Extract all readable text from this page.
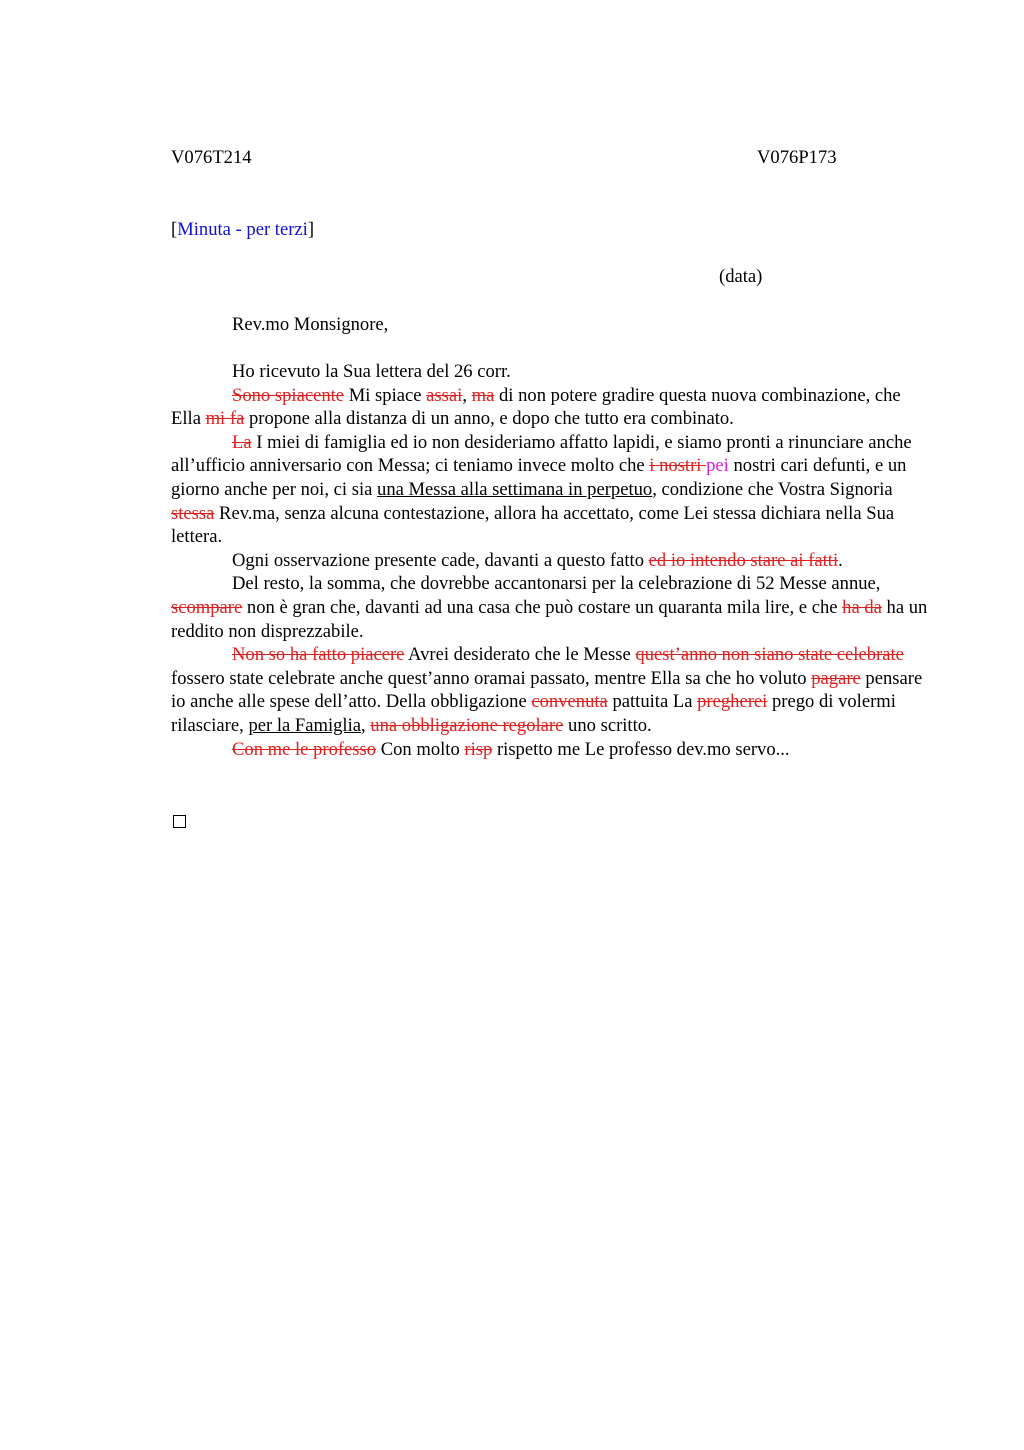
V076T214	V076P173
[Minuta - per terzi]
(data)
Rev.mo Monsignore,

Ho ricevuto la Sua lettera del 26 corr.

Sono spiacente Mi spiace assai, ma di non potere gradire questa nuova combinazione, che Ella mi fa propone alla distanza di un anno, e dopo che tutto era combinato.

La I miei di famiglia ed io non desideriamo affatto lapidi, e siamo pronti a rinunciare anche all’ufficio anniversario con Messa; ci teniamo invece molto che i nostri pei nostri cari defunti, e un giorno anche per noi, ci sia una Messa alla settimana in perpetuo, condizione che Vostra Signoria stessa Rev.ma, senza alcuna contestazione, allora ha accettato, come Lei stessa dichiara nella Sua lettera.

Ogni osservazione presente cade, davanti a questo fatto ed io intendo stare ai fatti.

Del resto, la somma, che dovrebbe accantonarsi per la celebrazione di 52 Messe annue, scompare non è gran che, davanti ad una casa che può costare un quaranta mila lire, e che ha da ha un reddito non disprezzabile.

Non so ha fatto piacere Avrei desiderato che le Messe quest’anno non siano state celebrate fossero state celebrate anche quest’anno oramai passato, mentre Ella sa che ho voluto pagare pensare io anche alle spese dell’atto. Della obbligazione convenuta pattuita La pregherei prego di volermi rilasciare, per la Famiglia, una obbligazione regolare uno scritto.

Con me le professo Con molto risp rispetto me Le professo dev.mo servo...
